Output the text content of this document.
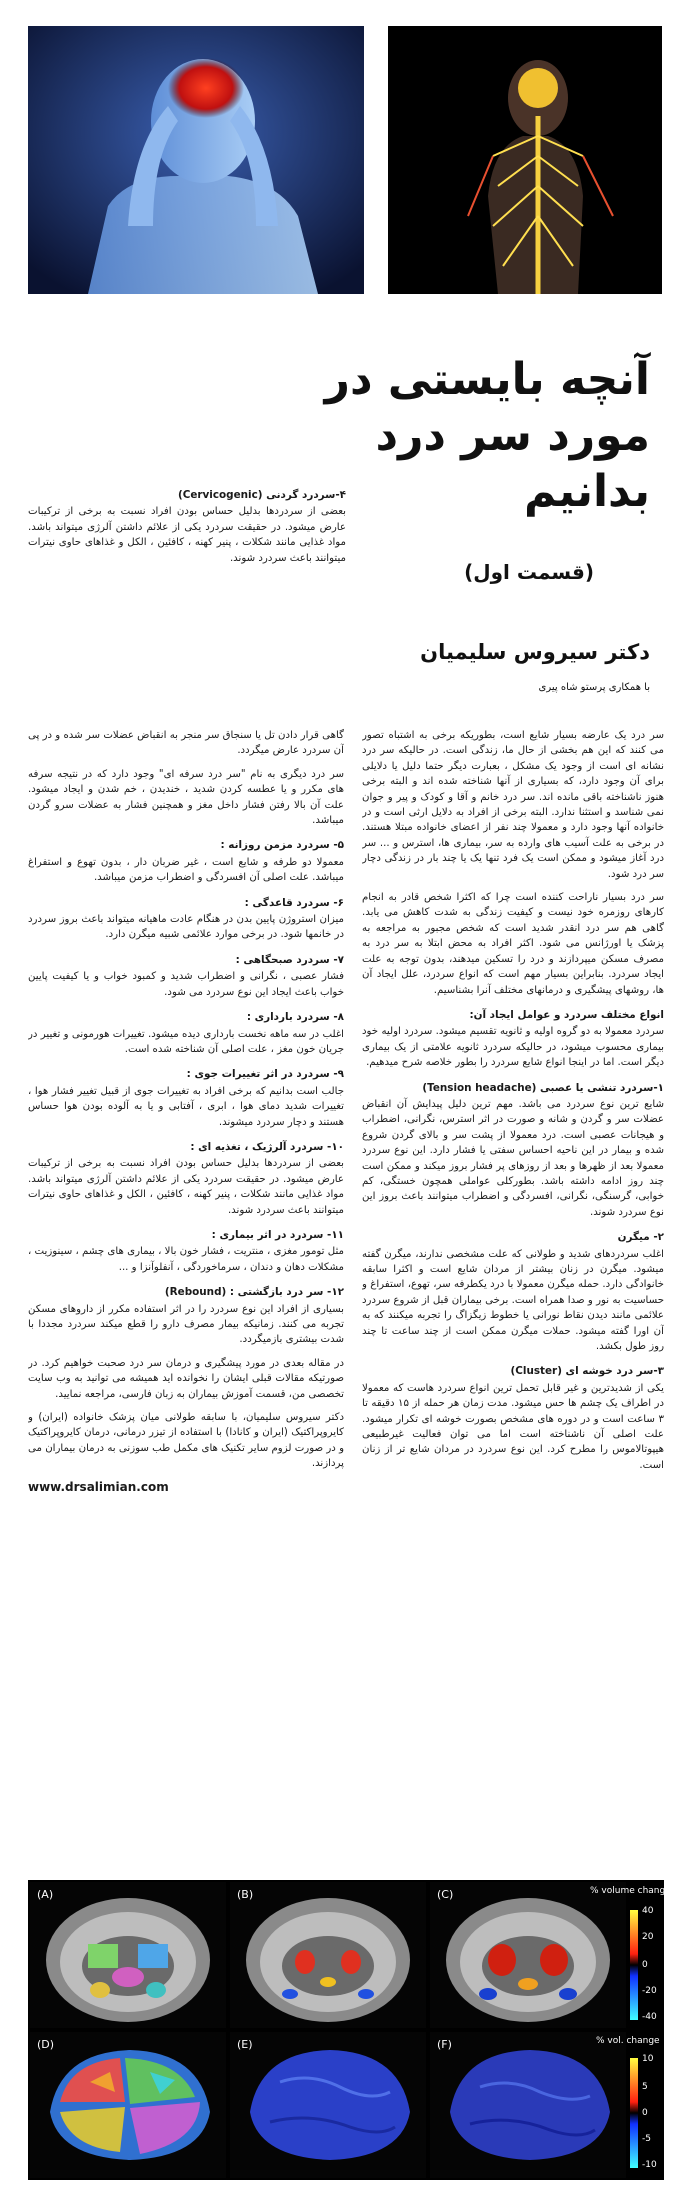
آنچه بایستی در مورد سر درد بدانیم
(قسمت اول)
دکتر سیروس سلیمیان
با همکاری پرستو شاه پیری
۴-سردرد گردنی (Cervicogenic)

بعضی از سردردها بدلیل حساس بودن افراد نسبت به برخی از ترکیبات عارض میشود. در حقیقت سردرد یکی از علائم داشتن آلرژی میتواند باشد. مواد غذایی مانند شکلات ، پنیر کهنه ، کافئین ، الکل و غذاهای حاوی نیترات میتوانند باعث سردرد شوند.

سر درد یک عارضه بسیار شایع است، بطوریکه برخی به اشتباه تصور می کنند که این هم بخشی از حال ما، زندگی است. در حالیکه سر درد نشانه ای است از وجود یک مشکل ، بعبارت دیگر حتما دلیل یا دلایلی برای آن وجود دارد، که بسیاری از آنها شناخته شده اند و البته برخی هنوز ناشناخته باقی مانده اند. سر درد خانم و آقا و کودک و پیر و جوان نمی شناسد و استثنا ندارد. البته برخی از افراد به دلایل ارثی است و در خانواده آنها وجود دارد و معمولا چند نفر از اعضای خانواده مبتلا هستند. در برخی به علت آسیب های وارده به سر، بیماری ها، استرس و ... سر درد آغاز میشود و ممکن است یک فرد تنها یک یا چند بار در زندگی دچار سر درد شود.

سر درد بسیار ناراحت کننده است چرا که اکثرا شخص قادر به انجام کارهای روزمره خود نیست و کیفیت زندگی به شدت کاهش می یابد. گاهی هم سر درد انقدر شدید است که شخص مجبور به مراجعه به پزشک یا اورژانس می شود. اکثر افراد به محض ابتلا به سر درد به مصرف مسکن میپردازند و درد را تسکین میدهند، بدون توجه به علت ایجاد سردرد. بنابراین بسیار مهم است که انواع سردرد، علل ایجاد آن ها، روشهای پیشگیری و درمانهای مختلف آنرا بشناسیم.

انواع مختلف سردرد و عوامل ایجاد آن:

سردرد معمولا به دو گروه اولیه و ثانویه تقسیم میشود. سردرد اولیه خود بیماری محسوب میشود، در حالیکه سردرد ثانویه علامتی از یک بیماری دیگر است. اما در اینجا انواع شایع سردرد را بطور خلاصه شرح میدهیم.

۱-سردرد تنشی یا عصبی (Tension headache)

شایع ترین نوع سردرد می باشد. مهم ترین دلیل پیدایش آن انقباض عضلات سر و گردن و شانه و صورت در اثر استرس، نگرانی، اضطراب و هیجانات عصبی است. درد معمولا از پشت سر و بالای گردن شروع شده و بیمار در این ناحیه احساس سفتی یا فشار دارد. این نوع سردرد معمولا بعد از ظهرها و بعد از روزهای پر فشار بروز میکند و ممکن است چند روز ادامه داشته باشد. بطورکلی عواملی همچون خستگی، کم خوابی، گرسنگی، نگرانی، افسردگی و اضطراب میتوانند باعث بروز این نوع سردرد شوند.

۲- میگرن

اغلب سردردهای شدید و طولانی که علت مشخصی ندارند، میگرن گفته میشود. میگرن در زنان بیشتر از مردان شایع است و اکثرا سابقه خانوادگی دارد. حمله میگرن معمولا با درد یکطرفه سر، تهوع، استفراغ و حساسیت به نور و صدا همراه است. برخی بیماران قبل از شروع سردرد علائمی مانند دیدن نقاط نورانی یا خطوط زیگزاگ را تجربه میکنند که به آن اورا گفته میشود. حملات میگرن ممکن است از چند ساعت تا چند روز طول بکشد.

۳-سر درد خوشه ای (Cluster)

یکی از شدیدترین و غیر قابل تحمل ترین انواع سردرد هاست که معمولا در اطراف یک چشم ها حس میشود. مدت زمان هر حمله از ۱۵ دقیقه تا ۳ ساعت است و در دوره های مشخص بصورت خوشه ای تکرار میشود. علت اصلی آن ناشناخته است اما می توان فعالیت غیرطبیعی هیپوتالاموس را مطرح کرد. این نوع سردرد در مردان شایع تر از زنان است.

گاهی قرار دادن تل یا سنجاق سر منجر به انقباض عضلات سر شده و در پی آن سردرد عارض میگردد.

سر درد دیگری به نام "سر درد سرفه ای" وجود دارد که در نتیجه سرفه های مکرر و یا عطسه کردن شدید ، خندیدن ، خم شدن و ایجاد میشود. علت آن بالا رفتن فشار داخل مغز و همچنین فشار به عضلات سرو گردن میباشد.

۵- سردرد مزمن روزانه :

معمولا دو طرفه و شایع است ، غیر ضربان دار ، بدون تهوع و استفراغ میباشد. علت اصلی آن افسردگی و اضطراب مزمن میباشد.

۶- سردرد قاعدگی :

میزان استروژن پایین بدن در هنگام عادت ماهیانه میتواند باعث بروز سردرد در خانمها شود. در برخی موارد علائمی شبیه میگرن دارد.

۷- سردرد صبحگاهی :

فشار عصبی ، نگرانی و اضطراب شدید و کمبود خواب و یا کیفیت پایین خواب باعث ایجاد این نوع سردرد می شود.

۸- سردرد بارداری :

اغلب در سه ماهه نخست بارداری دیده میشود. تغییرات هورمونی و تغییر در جریان خون مغز ، علت اصلی آن شناخته شده است.

۹- سردرد در اثر تغییرات جوی :

جالب است بدانیم که برخی افراد به تغییرات جوی از قبیل تغییر فشار هوا ، تغییرات شدید دمای هوا ، ابری ، آفتابی و یا به آلوده بودن هوا حساس هستند و دچار سردرد میشوند.

۱۰- سردرد آلرژیک ، تغذیه ای :

بعضی از سردردها بدلیل حساس بودن افراد نسبت به برخی از ترکیبات عارض میشود. در حقیقت سردرد یکی از علائم داشتن آلرژی میتواند باشد. مواد غذایی مانند شکلات ، پنیر کهنه ، کافئین ، الکل و غذاهای حاوی نیترات میتوانند باعث سردرد شوند.

۱۱- سردرد در اثر بیماری :

مثل تومور مغزی ، منتریت ، فشار خون بالا ، بیماری های چشم ، سینوزیت ، مشکلات دهان و دندان ، سرماخوردگی ، آنفلوآنزا و ...

۱۲- سر درد بازگشتی : (Rebound)

بسیاری از افراد این نوع سردرد را در اثر استفاده مکرر از داروهای مسکن تجربه می کنند. زمانیکه بیمار مصرف دارو را قطع میکند سردرد مجددا با شدت بیشتری بازمیگردد.

در مقاله بعدی در مورد پیشگیری و درمان سر درد صحبت خواهیم کرد. در صورتیکه مقالات قبلی ایشان را نخوانده اید همیشه می توانید به وب سایت تخصصی من، قسمت آموزش بیماران به زبان فارسی، مراجعه نمایید.

دکتر سیروس سلیمیان، با سابقه طولانی میان پزشک خانواده (ایران) و کایروپراکتیک (ایران و کانادا) با استفاده از تیزر درمانی، درمان کایروپراکتیک و در صورت لزوم سایر تکنیک های مکمل طب سوزنی به درمان بیماران می پردازند.

www.drsalimian.com

(A)	(B)	(C)	% volume change
40
20
0
-20
-40
(D)	(E)	(F)	% vol. change
10
5
0
-5
-10
